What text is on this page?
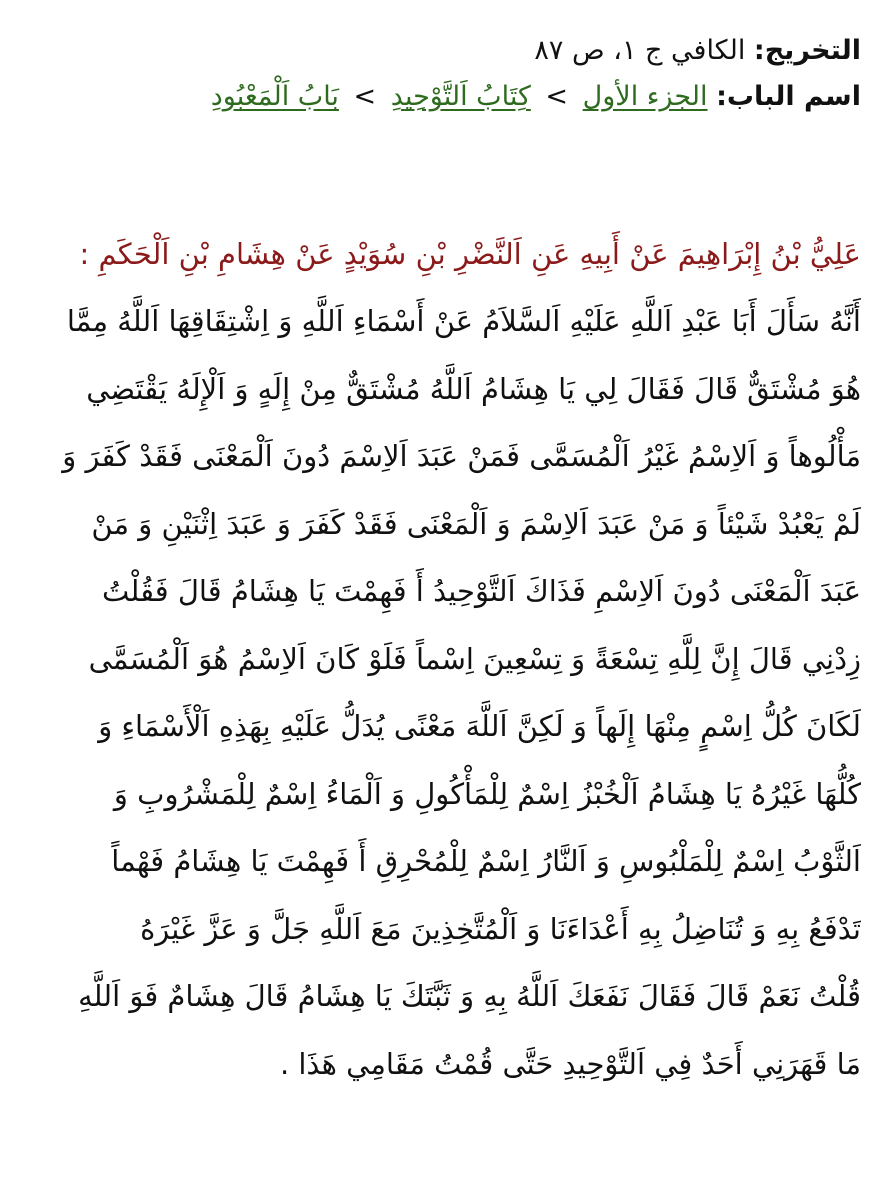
التخريج: الكافي ج ١، ص ٨٧
اسم الباب: الجزء الأول > كِتَابُ اَلتَّوْحِيدِ > بَابُ اَلْمَعْبُودِ
عَلِيُّ بْنُ إِبْرَاهِيمَ عَنْ أَبِيهِ عَنِ اَلنَّضْرِ بْنِ سُوَيْدٍ عَنْ هِشَامِ بْنِ اَلْحَكَمِ :
أَنَّهُ سَأَلَ أَبَا عَبْدِ اَللَّهِ عَلَيْهِ اَلسَّلاَمُ عَنْ أَسْمَاءِ اَللَّهِ وَ اِشْتِقَاقِهَا اَللَّهُ مِمَّا
هُوَ مُشْتَقٌّ قَالَ فَقَالَ لِي يَا هِشَامُ اَللَّهُ مُشْتَقٌّ مِنْ إِلَهٍ وَ اَلْإِلَهُ يَقْتَضِي
مَأْلُوهاً وَ اَلاِسْمُ غَيْرُ اَلْمُسَمَّى فَمَنْ عَبَدَ اَلاِسْمَ دُونَ اَلْمَعْنَى فَقَدْ كَفَرَ وَ
لَمْ يَعْبُدْ شَيْئاً وَ مَنْ عَبَدَ اَلاِسْمَ وَ اَلْمَعْنَى فَقَدْ كَفَرَ وَ عَبَدَ اِثْنَيْنِ وَ مَنْ
عَبَدَ اَلْمَعْنَى دُونَ اَلاِسْمِ فَذَاكَ اَلتَّوْحِيدُ أَ فَهِمْتَ يَا هِشَامُ قَالَ فَقُلْتُ
زِدْنِي قَالَ إِنَّ لِلَّهِ تِسْعَةً وَ تِسْعِينَ اِسْماً فَلَوْ كَانَ اَلاِسْمُ هُوَ اَلْمُسَمَّى
لَكَانَ كُلُّ اِسْمٍ مِنْهَا إِلَهاً وَ لَكِنَّ اَللَّهَ مَعْنًى يُدَلُّ عَلَيْهِ بِهَذِهِ اَلْأَسْمَاءِ وَ
كُلُّهَا غَيْرُهُ يَا هِشَامُ اَلْخُبْزُ اِسْمٌ لِلْمَأْكُولِ وَ اَلْمَاءُ اِسْمٌ لِلْمَشْرُوبِ وَ
اَلثَّوْبُ اِسْمٌ لِلْمَلْبُوسِ وَ اَلنَّارُ اِسْمٌ لِلْمُحْرِقِ أَ فَهِمْتَ يَا هِشَامُ فَهْماً
تَدْفَعُ بِهِ وَ تُنَاضِلُ بِهِ أَعْدَاءَنَا وَ اَلْمُتَّخِذِينَ مَعَ اَللَّهِ جَلَّ وَ عَزَّ غَيْرَهُ
قُلْتُ نَعَمْ قَالَ فَقَالَ نَفَعَكَ اَللَّهُ بِهِ وَ ثَبَّتَكَ يَا هِشَامُ قَالَ هِشَامٌ فَوَ اَللَّهِ
مَا قَهَرَنِي أَحَدٌ فِي اَلتَّوْحِيدِ حَتَّى قُمْتُ مَقَامِي هَذَا .
